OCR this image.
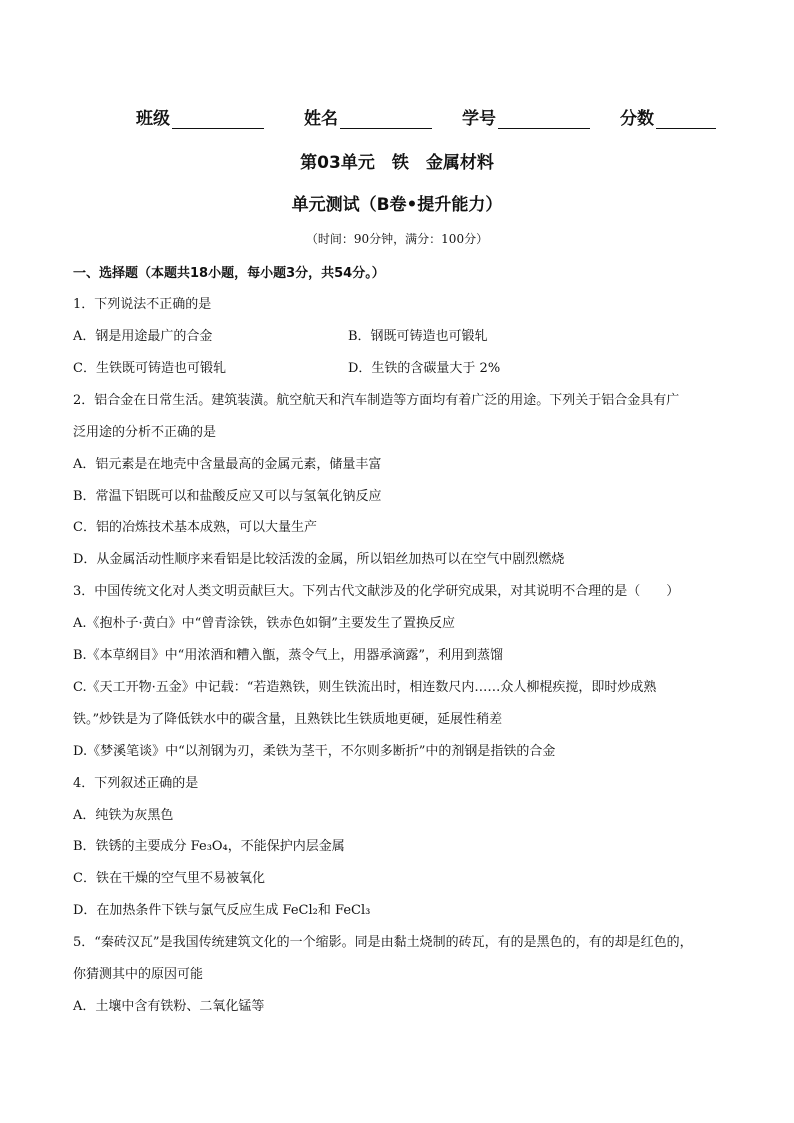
班级	姓名	学号	分数
第03单元　铁　金属材料
单元测试（B卷•提升能力）
（时间：90分钟，满分：100分）
一、选择题（本题共18小题，每小题3分，共54分。）
1．下列说法不正确的是
A．钢是用途最广的合金	B．钢既可铸造也可锻轧
C．生铁既可铸造也可锻轧	D．生铁的含碳量大于 2%
2．铝合金在日常生活。建筑装潢。航空航天和汽车制造等方面均有着广泛的用途。下列关于铝合金具有广
泛用途的分析不正确的是
A．铝元素是在地壳中含量最高的金属元素，储量丰富
B．常温下铝既可以和盐酸反应又可以与氢氧化钠反应
C．铝的冶炼技术基本成熟，可以大量生产
D．从金属活动性顺序来看铝是比较活泼的金属，所以铝丝加热可以在空气中剧烈燃烧
3．中国传统文化对人类文明贡献巨大。下列古代文献涉及的化学研究成果，对其说明不合理的是（　　）
A.《抱朴子·黄白》中“曾青涂铁，铁赤色如铜”主要发生了置换反应
B.《本草纲目》中“用浓酒和糟入甑，蒸令气上，用器承滴露”，利用到蒸馏
C.《天工开物·五金》中记载：“若造熟铁，则生铁流出时，相连数尺内……众人柳棍疾搅，即时炒成熟
铁。”炒铁是为了降低铁水中的碳含量，且熟铁比生铁质地更硬，延展性稍差
D.《梦溪笔谈》中“以剂钢为刃，柔铁为茎干，不尔则多断折”中的剂钢是指铁的合金
4．下列叙述正确的是
A．纯铁为灰黑色
B．铁锈的主要成分 Fe₃O₄，不能保护内层金属
C．铁在干燥的空气里不易被氧化
D．在加热条件下铁与氯气反应生成 FeCl₂和 FeCl₃
5．“秦砖汉瓦”是我国传统建筑文化的一个缩影。同是由黏土烧制的砖瓦，有的是黑色的，有的却是红色的，
你猜测其中的原因可能
A．土壤中含有铁粉、二氧化锰等
